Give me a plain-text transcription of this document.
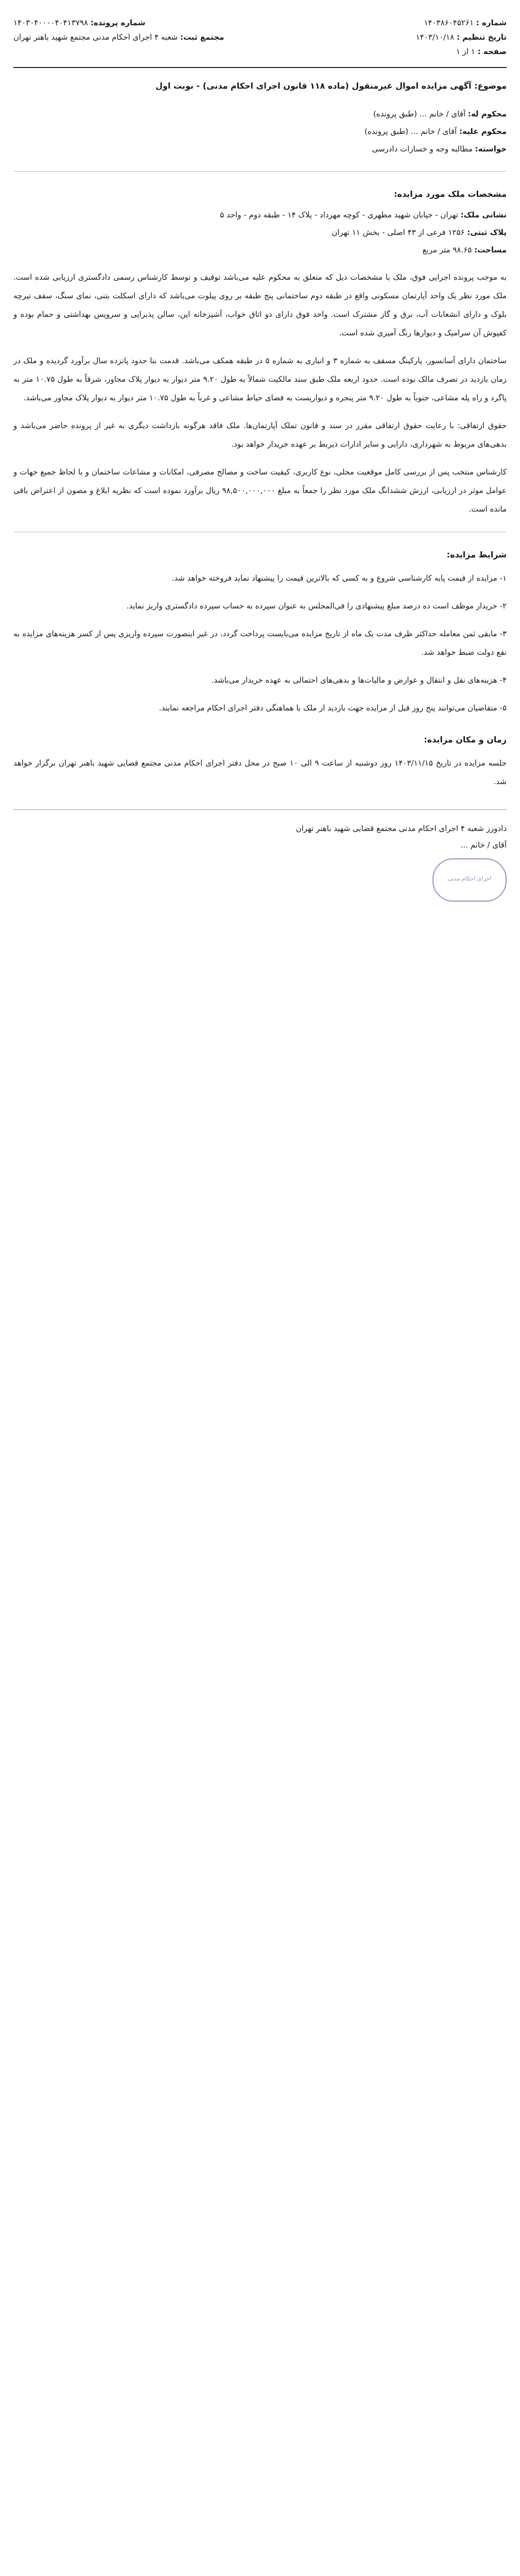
شماره : ۱۴۰۳۸۶۰۴۵۲۶۱
تاریخ تنظیم : ۱۴۰۳/۱۰/۱۸
صفحه : ۱ از ۱
شماره پرونده: ۱۴۰۳۰۴۰۰۰۰۴۰۴۱۳۷۹۸
مجتمع ثبت: شعبه ۴ اجرای احکام مدنی مجتمع شهید باهنر تهران
موضوع: آگهی مزایده اموال غیرمنقول (ماده ۱۱۸ قانون اجرای احکام مدنی) - نوبت اول

محکوم له: آقای / خانم ... (طبق پرونده)

محکوم علیه: آقای / خانم ... (طبق پرونده)

خواسته: مطالبه وجه و خسارات دادرسی

مشخصات ملک مورد مزایده:

نشانی ملک: تهران - خیابان شهید مطهری - کوچه مهرداد - پلاک ۱۴ - طبقه دوم - واحد ۵

پلاک ثبتی: ۱۲۵۶ فرعی از ۴۳ اصلی - بخش ۱۱ تهران

مساحت: ۹۸.۶۵ متر مربع

به موجب پرونده اجرایی فوق، ملک با مشخصات ذیل که متعلق به محکوم علیه می‌باشد توقیف و توسط کارشناس رسمی دادگستری ارزیابی شده است. ملک مورد نظر یک واحد آپارتمان مسکونی واقع در طبقه دوم ساختمانی پنج طبقه بر روی پیلوت می‌باشد که دارای اسکلت بتنی، نمای سنگ، سقف تیرچه بلوک و دارای انشعابات آب، برق و گاز مشترک است. واحد فوق دارای دو اتاق خواب، آشپزخانه اپن، سالن پذیرایی و سرویس بهداشتی و حمام بوده و کفپوش آن سرامیک و دیوارها رنگ آمیزی شده است.

ساختمان دارای آسانسور، پارکینگ مسقف به شماره ۳ و انباری به شماره ۵ در طبقه همکف می‌باشد. قدمت بنا حدود پانزده سال برآورد گردیده و ملک در زمان بازدید در تصرف مالک بوده است. حدود اربعه ملک طبق سند مالکیت شمالاً به طول ۹.۲۰ متر دیوار به دیوار پلاک مجاور، شرقاً به طول ۱۰.۷۵ متر به پاگرد و راه پله مشاعی، جنوباً به طول ۹.۲۰ متر پنجره و دیواریست به فضای حیاط مشاعی و غرباً به طول ۱۰.۷۵ متر دیوار به دیوار پلاک مجاور می‌باشد.

حقوق ارتفاقی: با رعایت حقوق ارتفاقی مقرر در سند و قانون تملک آپارتمان‌ها. ملک فاقد هرگونه بازداشت دیگری به غیر از پرونده حاضر می‌باشد و بدهی‌های مربوط به شهرداری، دارایی و سایر ادارات ذیربط بر عهده خریدار خواهد بود.

کارشناس منتخب پس از بررسی کامل موقعیت محلی، نوع کاربری، کیفیت ساخت و مصالح مصرفی، امکانات و مشاعات ساختمان و با لحاظ جمیع جهات و عوامل موثر در ارزیابی، ارزش ششدانگ ملک مورد نظر را جمعاً به مبلغ ۹۸,۵۰۰,۰۰۰,۰۰۰ ریال برآورد نموده است که نظریه ابلاغ و مصون از اعتراض باقی مانده است.

شرایط مزایده:

۱- مزایده از قیمت پایه کارشناسی شروع و به کسی که بالاترین قیمت را پیشنهاد نماید فروخته خواهد شد.

۲- خریدار موظف است ده درصد مبلغ پیشنهادی را فی‌المجلس به عنوان سپرده به حساب سپرده دادگستری واریز نماید.

۳- مابقی ثمن معامله حداکثر ظرف مدت یک ماه از تاریخ مزایده می‌بایست پرداخت گردد، در غیر اینصورت سپرده واریزی پس از کسر هزینه‌های مزایده به نفع دولت ضبط خواهد شد.

۴- هزینه‌های نقل و انتقال و عوارض و مالیات‌ها و بدهی‌های احتمالی به عهده خریدار می‌باشد.

۵- متقاضیان می‌توانند پنج روز قبل از مزایده جهت بازدید از ملک با هماهنگی دفتر اجرای احکام مراجعه نمایند.

زمان و مکان مزایده:

جلسه مزایده در تاریخ ۱۴۰۳/۱۱/۱۵ روز دوشنبه از ساعت ۹ الی ۱۰ صبح در محل دفتر اجرای احکام مدنی مجتمع قضایی شهید باهنر تهران برگزار خواهد شد.

دادورز شعبه ۴ اجرای احکام مدنی مجتمع قضایی شهید باهنر تهران
آقای / خانم ...
اجرای احکام مدنی
